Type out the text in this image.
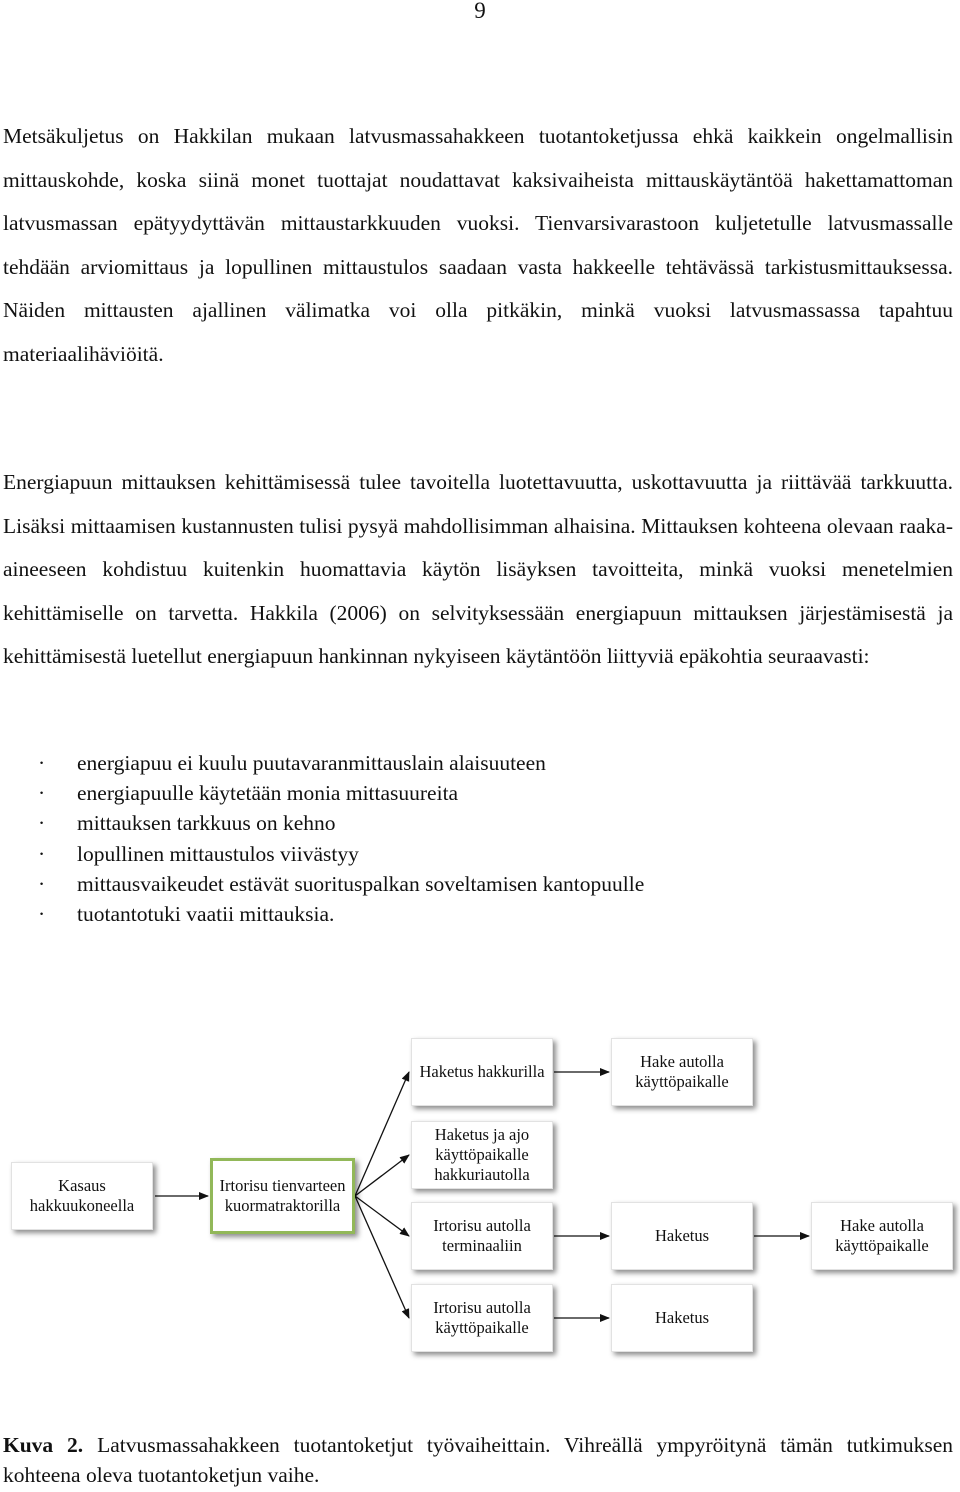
9

Metsäkuljetus on Hakkilan mukaan latvusmassahakkeen tuotantoketjussa ehkä kaikkein ongelmallisin mittauskohde, koska siinä monet tuottajat noudattavat kaksivaiheista mittauskäytäntöä hakettamattoman latvusmassan epätyydyttävän mittaustarkkuuden vuoksi. Tienvarsivarastoon kuljetetulle latvusmassalle tehdään arviomittaus ja lopullinen mittaustulos saadaan vasta hakkeelle tehtävässä tarkistusmittauksessa. Näiden mittausten ajallinen välimatka voi olla pitkäkin, minkä vuoksi latvusmassassa tapahtuu materiaalihäviöitä.

Energiapuun mittauksen kehittämisessä tulee tavoitella luotettavuutta, uskottavuutta ja riittävää tarkkuutta. Lisäksi mittaamisen kustannusten tulisi pysyä mahdollisimman alhaisina. Mittauksen kohteena olevaan raaka-aineeseen kohdistuu kuitenkin huomattavia käytön lisäyksen tavoitteita, minkä vuoksi menetelmien kehittämiselle on tarvetta. Hakkila (2006) on selvityksessään energiapuun mittauksen järjestämisestä ja kehittämisestä luetellut energiapuun hankinnan nykyiseen käytäntöön liittyviä epäkohtia seuraavasti:

· energiapuu ei kuulu puutavaranmittauslain alaisuuteen
· energiapuulle käytetään monia mittasuureita
· mittauksen tarkkuus on kehno
· lopullinen mittaustulos viivästyy
· mittausvaikeudet estävät suorituspalkan soveltamisen kantopuulle
· tuotantotuki vaatii mittauksia.
Kasaus hakkuukoneella
Irtorisu tienvarteen kuormatraktorilla
Haketus hakkurilla
Hake autolla käyttöpaikalle
Haketus ja ajo käyttöpaikalle hakkuriautolla
Irtorisu autolla terminaaliin
Haketus
Hake autolla käyttöpaikalle
Irtorisu autolla käyttöpaikalle
Haketus

Kuva 2. Latvusmassahakkeen tuotantoketjut työvaiheittain. Vihreällä ympyröitynä tämän tutkimuksen kohteena oleva tuotantoketjun vaihe.
